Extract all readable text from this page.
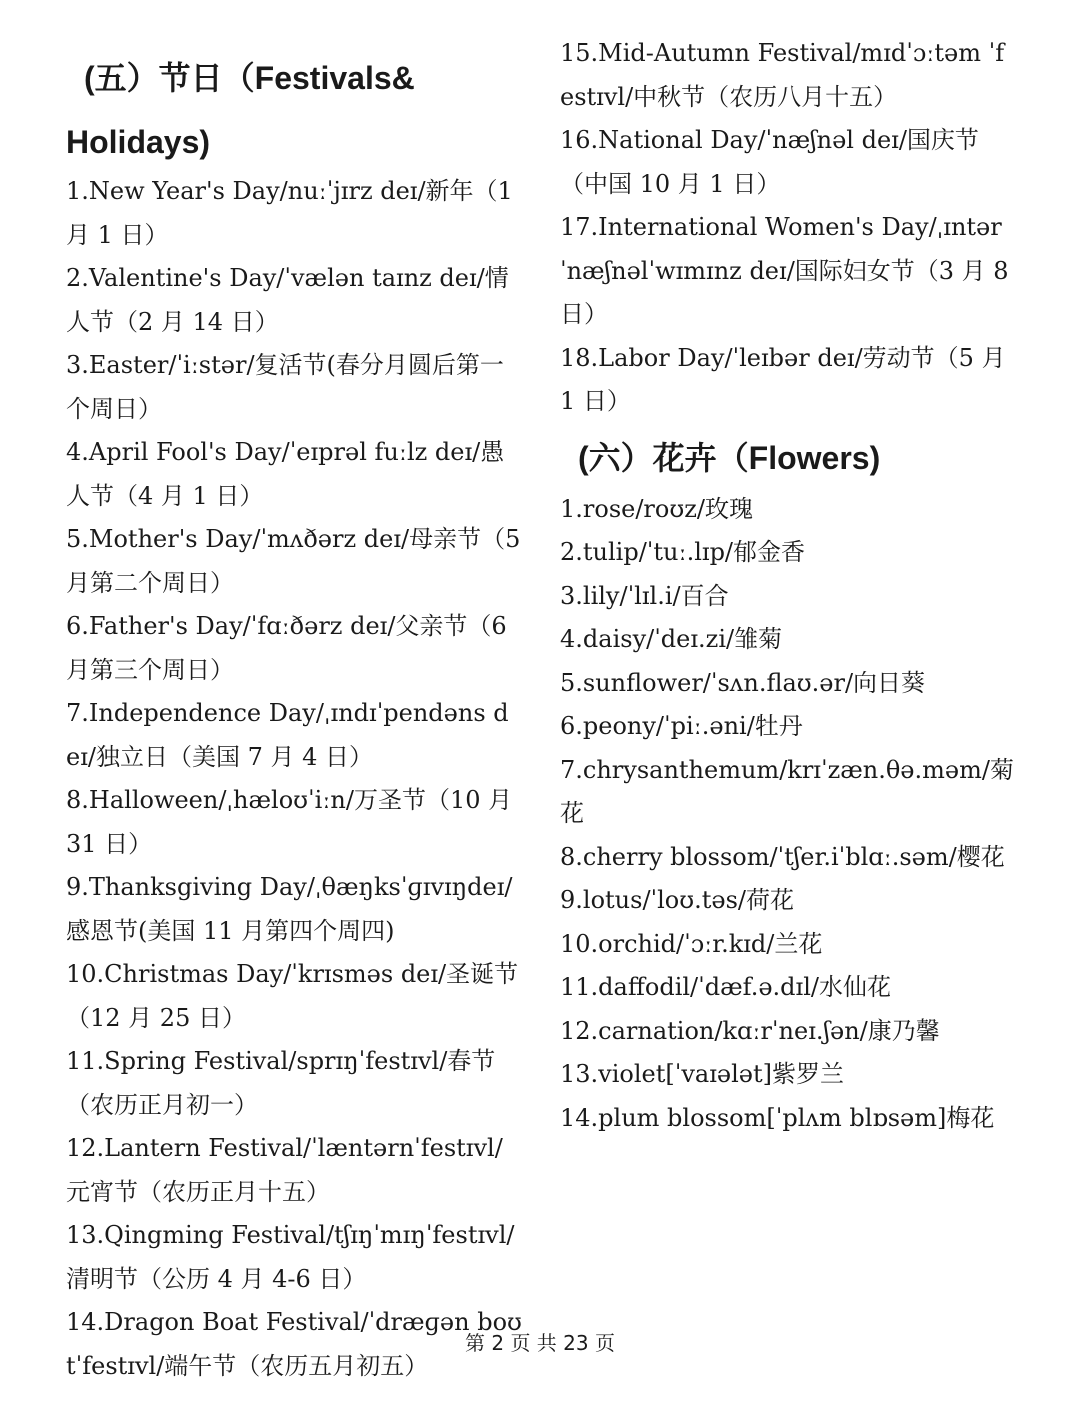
(五）节日（Festivals&
Holidays)

1.New Year's Day/nuːˈjɪrz deɪ/新年（1 月 1 日）

2.Valentine's Day/ˈvælən taɪnz deɪ/情人节（2 月 14 日）

3.Easter/ˈiːstər/复活节(春分月圆后第一个周日）

4.April Fool's Day/ˈeɪprəl fuːlz deɪ/愚人节（4 月 1 日）

5.Mother's Day/ˈmʌðərz deɪ/母亲节（5 月第二个周日）

6.Father's Day/ˈfɑːðərz deɪ/父亲节（6 月第三个周日）

7.Independence Day/ˌɪndɪˈpendəns deɪ/独立日（美国 7 月 4 日）

8.Halloween/ˌhæloʊˈiːn/万圣节（10 月 31 日）

9.Thanksgiving Day/ˌθæŋksˈɡɪvɪŋdeɪ/感恩节(美国 11 月第四个周四)

10.Christmas Day/ˈkrɪsməs deɪ/圣诞节（12 月 25 日）

11.Spring Festival/sprɪŋˈfestɪvl/春节（农历正月初一）

12.Lantern Festival/ˈlæntərnˈfestɪvl/元宵节（农历正月十五）

13.Qingming Festival/tʃɪŋˈmɪŋˈfestɪvl/清明节（公历 4 月 4-6 日）

14.Dragon Boat Festival/ˈdræɡən boʊtˈfestɪvl/端午节（农历五月初五）

15.Mid-Autumn Festival/mɪdˈɔːtəm ˈfestɪvl/中秋节（农历八月十五）

16.National Day/ˈnæʃnəl deɪ/国庆节（中国 10 月 1 日）

17.International Women's Day/ˌɪntərˈnæʃnəlˈwɪmɪnz deɪ/国际妇女节（3 月 8 日）

18.Labor Day/ˈleɪbər deɪ/劳动节（5 月 1 日）

(六）花卉（Flowers)

1.rose/roʊz/玫瑰

2.tulip/ˈtuː.lɪp/郁金香

3.lily/ˈlɪl.i/百合

4.daisy/ˈdeɪ.zi/雏菊

5.sunflower/ˈsʌn.flaʊ.ər/向日葵

6.peony/ˈpiː.əni/牡丹

7.chrysanthemum/krɪˈzæn.θə.məm/菊花

8.cherry blossom/ˈtʃer.iˈblɑː.səm/樱花

9.lotus/ˈloʊ.təs/荷花

10.orchid/ˈɔːr.kɪd/兰花

11.daffodil/ˈdæf.ə.dɪl/水仙花

12.carnation/kɑːrˈneɪ.ʃən/康乃馨

13.violet[ˈvaɪələt]紫罗兰

14.plum blossom[ˈplʌm blɒsəm]梅花

第 2 页 共 23 页
